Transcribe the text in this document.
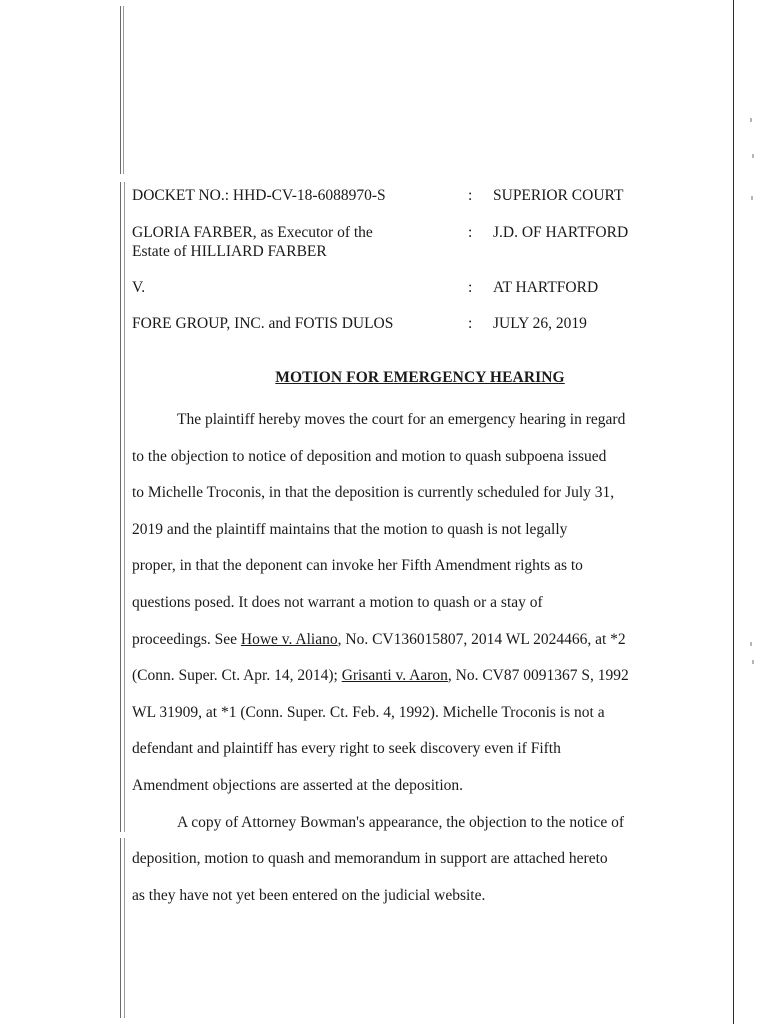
DOCKET NO.: HHD-CV-18-6088970-S	: SUPERIOR COURT
GLORIA FARBER, as Executor of the
Estate of HILLIARD FARBER
: J.D. OF HARTFORD
V.	: AT HARTFORD
FORE GROUP, INC. and FOTIS DULOS	: JULY 26, 2019
MOTION FOR EMERGENCY HEARING
The plaintiff hereby moves the court for an emergency hearing in regard
to the objection to notice of deposition and motion to quash subpoena issued
to Michelle Troconis, in that the deposition is currently scheduled for July 31,
2019 and the plaintiff maintains that the motion to quash is not legally
proper, in that the deponent can invoke her Fifth Amendment rights as to
questions posed. It does not warrant a motion to quash or a stay of
proceedings. See Howe v. Aliano, No. CV136015807, 2014 WL 2024466, at *2
(Conn. Super. Ct. Apr. 14, 2014); Grisanti v. Aaron, No. CV87 0091367 S, 1992
WL 31909, at *1 (Conn. Super. Ct. Feb. 4, 1992). Michelle Troconis is not a
defendant and plaintiff has every right to seek discovery even if Fifth
Amendment objections are asserted at the deposition.
A copy of Attorney Bowman's appearance, the objection to the notice of
deposition, motion to quash and memorandum in support are attached hereto
as they have not yet been entered on the judicial website.
